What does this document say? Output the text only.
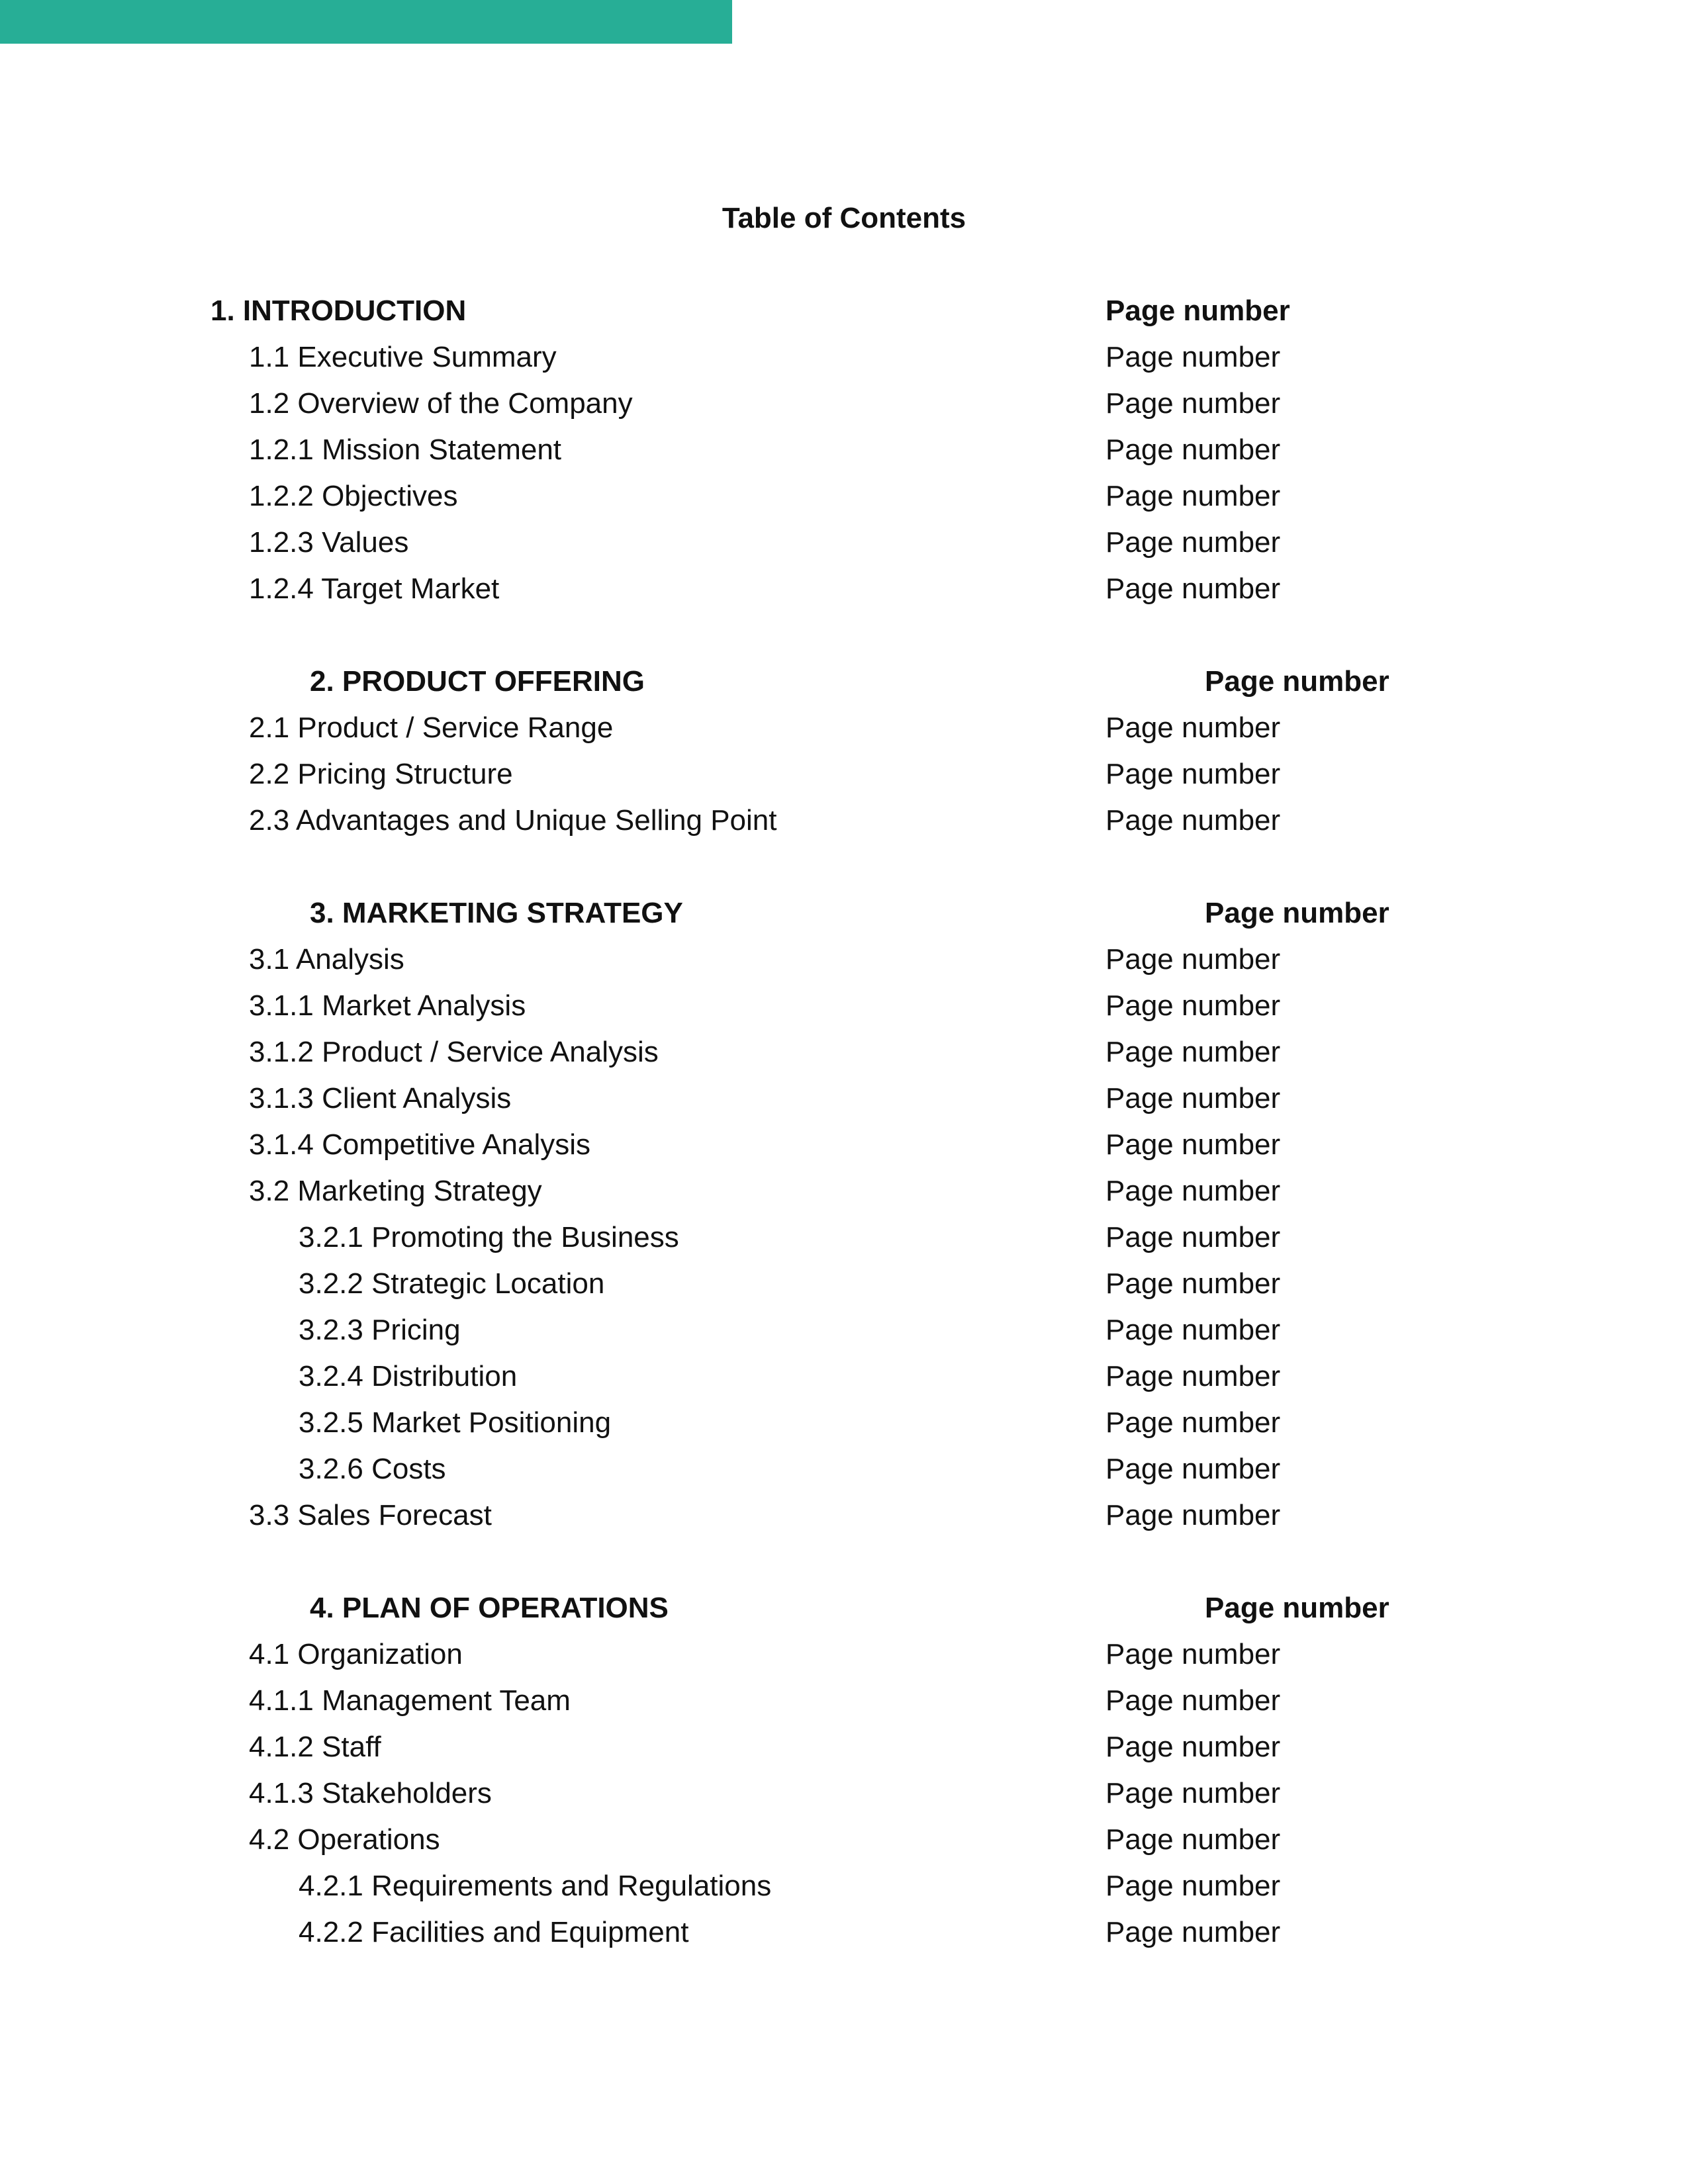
Table of Contents
1. INTRODUCTION	Page number
1.1 Executive Summary	Page number
1.2 Overview of the Company	Page number
1.2.1 Mission Statement	Page number
1.2.2 Objectives	Page number
1.2.3 Values	Page number
1.2.4 Target Market	Page number
2. PRODUCT OFFERING	Page number
2.1 Product / Service Range	Page number
2.2 Pricing Structure	Page number
2.3 Advantages and Unique Selling Point	Page number
3. MARKETING STRATEGY	Page number
3.1 Analysis	Page number
3.1.1 Market Analysis	Page number
3.1.2 Product / Service Analysis	Page number
3.1.3 Client Analysis	Page number
3.1.4 Competitive Analysis	Page number
3.2 Marketing Strategy	Page number
3.2.1 Promoting the Business	Page number
3.2.2 Strategic Location	Page number
3.2.3 Pricing	Page number
3.2.4 Distribution	Page number
3.2.5 Market Positioning	Page number
3.2.6 Costs	Page number
3.3 Sales Forecast	Page number
4. PLAN OF OPERATIONS	Page number
4.1 Organization	Page number
4.1.1 Management Team	Page number
4.1.2 Staff	Page number
4.1.3 Stakeholders	Page number
4.2 Operations	Page number
4.2.1 Requirements and Regulations	Page number
4.2.2 Facilities and Equipment	Page number
